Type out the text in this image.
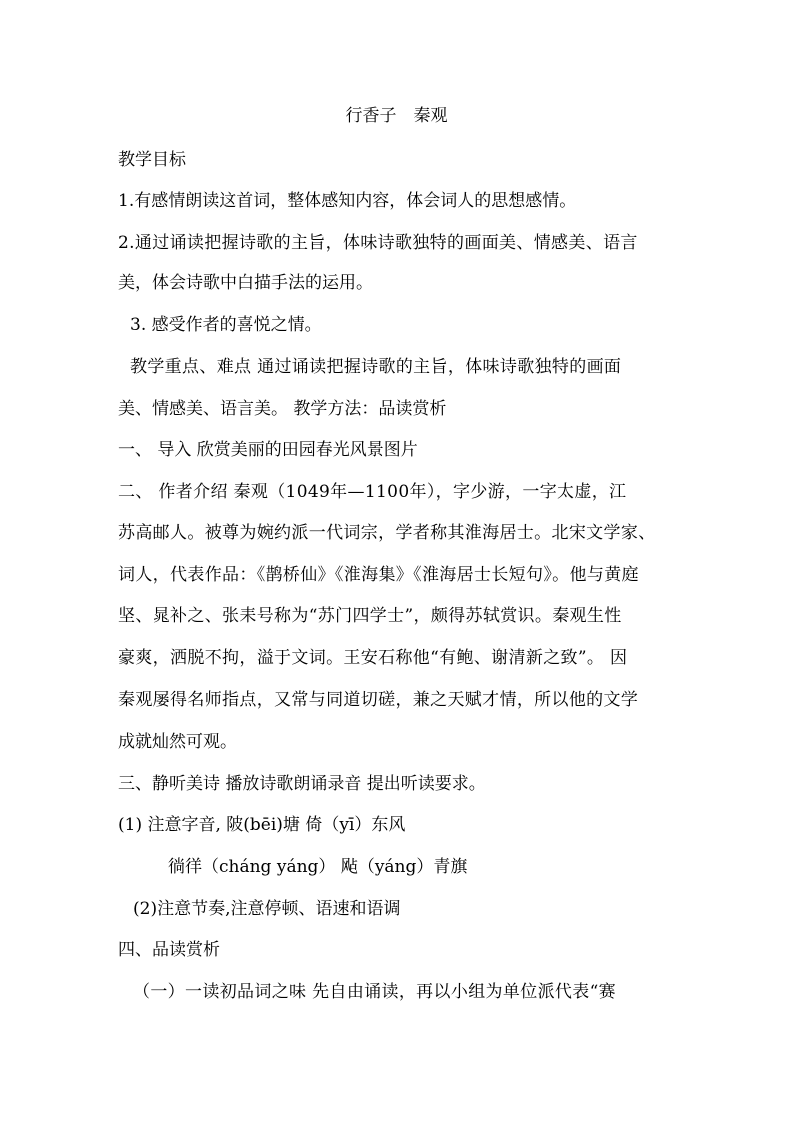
行香子　秦观
教学目标
1.有感情朗读这首词，整体感知内容，体会词人的思想感情。
2.通过诵读把握诗歌的主旨，体味诗歌独特的画面美、情感美、语言
美，体会诗歌中白描手法的运用。
3. 感受作者的喜悦之情。
教学重点、难点 通过诵读把握诗歌的主旨，体味诗歌独特的画面
美、情感美、语言美。 教学方法：品读赏析
一、 导入 欣赏美丽的田园春光风景图片
二、 作者介绍 秦观（1049年—1100年），字少游，一字太虚，江
苏高邮人。被尊为婉约派一代词宗，学者称其淮海居士。北宋文学家、
词人，代表作品：《鹊桥仙》《淮海集》《淮海居士长短句》。他与黄庭
坚、晁补之、张耒号称为“苏门四学士”，颇得苏轼赏识。秦观生性
豪爽，洒脱不拘，溢于文词。王安石称他“有鲍、谢清新之致”。 因
秦观屡得名师指点，又常与同道切磋，兼之天赋才情，所以他的文学
成就灿然可观。
三、静听美诗 播放诗歌朗诵录音 提出听读要求。
(1) 注意字音, 陂(bēi)塘 倚（yī）东风
徜徉（cháng yáng） 飐（yáng）青旗
(2)注意节奏,注意停顿、语速和语调
四、品读赏析
（一）一读初品词之味 先自由诵读，再以小组为单位派代表“赛
